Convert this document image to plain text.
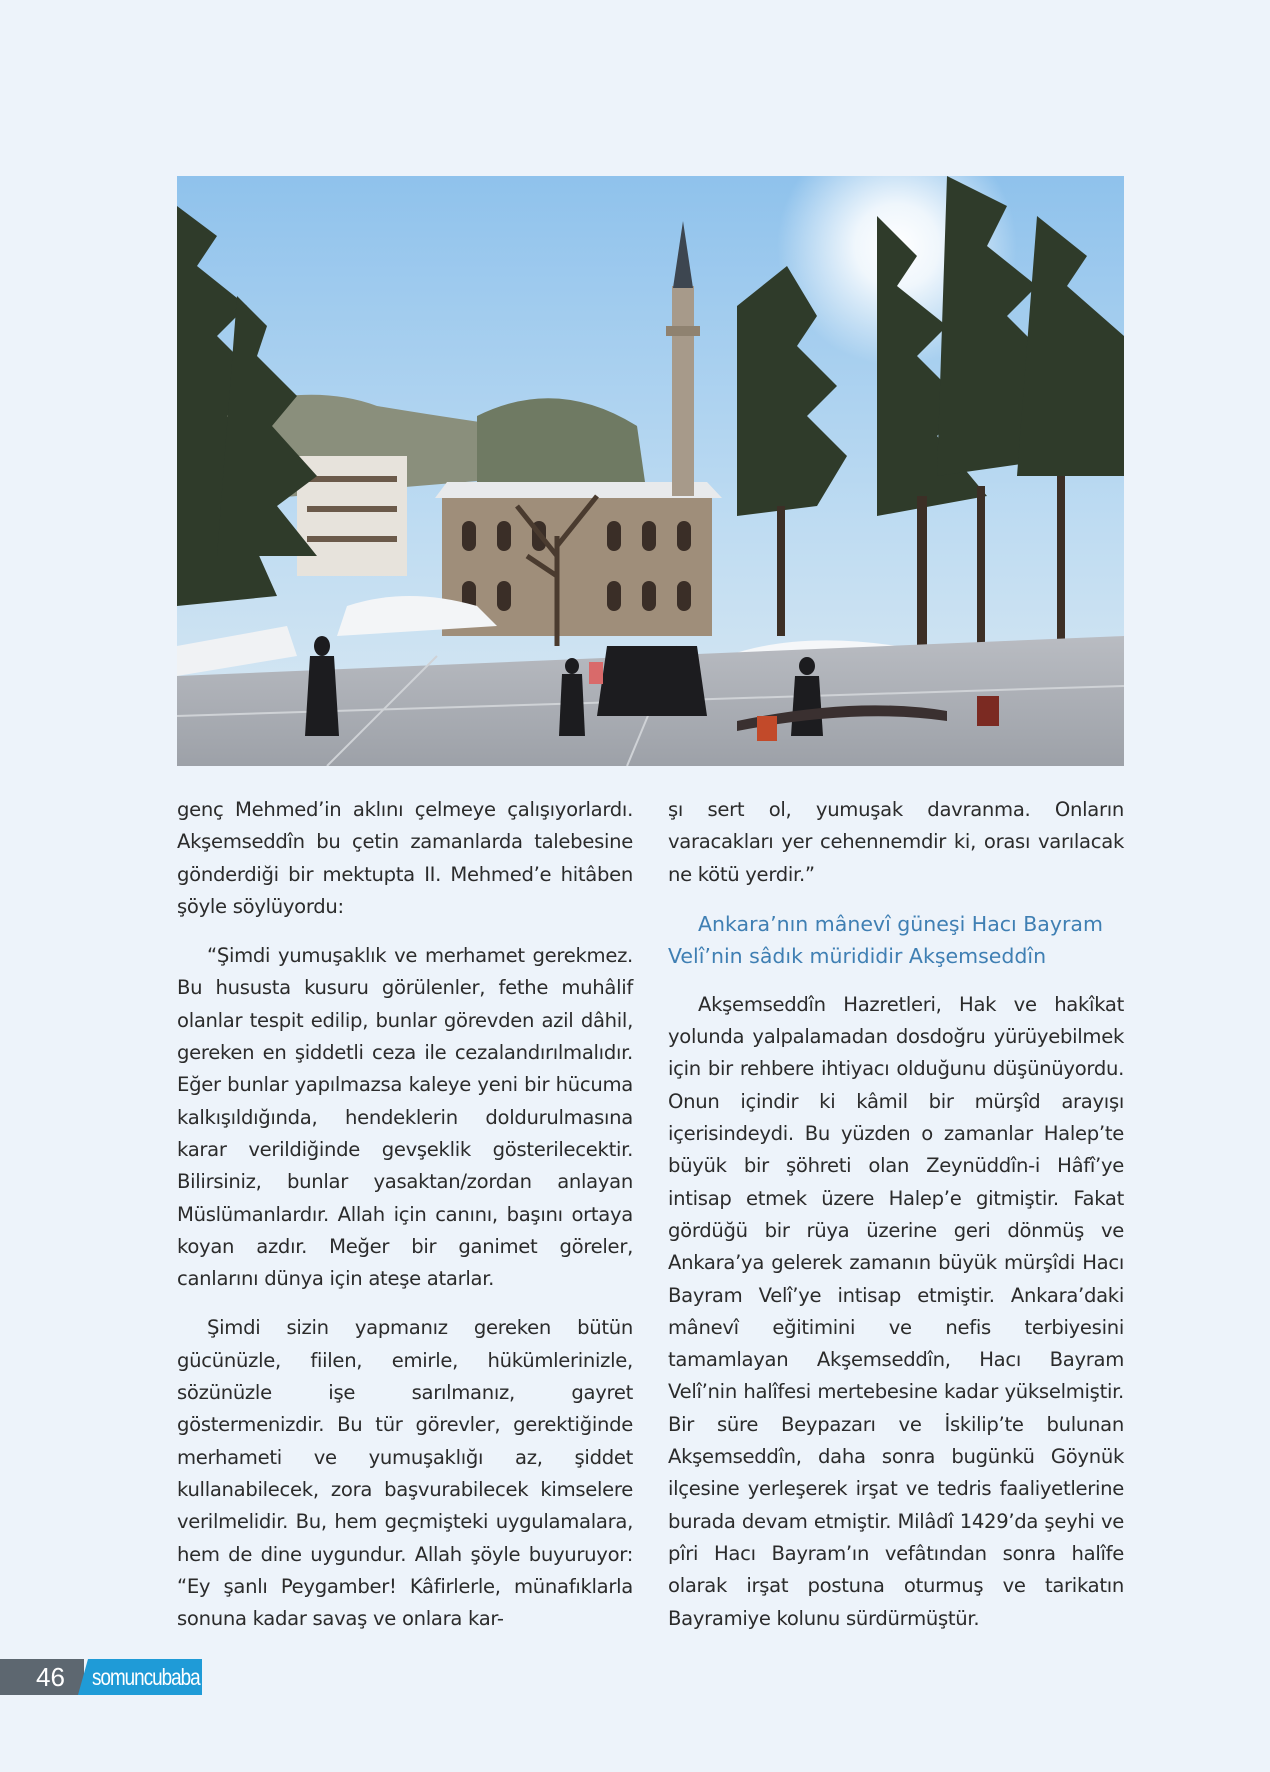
genç Mehmed’in aklını çelmeye çalışıyorlardı. Akşemseddîn bu çetin zamanlarda talebesine gönderdiği bir mektupta II. Mehmed’e hitâben şöyle söylüyordu:

“Şimdi yumuşaklık ve merhamet gerekmez. Bu hususta kusuru görülenler, fethe muhâlif olanlar tespit edilip, bunlar görevden azil dâhil, gereken en şiddetli ceza ile cezalandırılmalıdır. Eğer bunlar yapılmazsa kaleye yeni bir hücuma kalkışıldığında, hendeklerin doldurulmasına karar verildiğinde gevşeklik gösterilecektir. Bilirsiniz, bunlar yasaktan/zordan anlayan Müslümanlardır. Allah için canını, başını ortaya koyan azdır. Meğer bir ganimet göreler, canlarını dünya için ateşe atarlar.

Şimdi sizin yapmanız gereken bütün gücünüzle, fiilen, emirle, hükümlerinizle, sözünüzle işe sarılmanız, gayret göstermenizdir. Bu tür görevler, gerektiğinde merhameti ve yumuşaklığı az, şiddet kullanabilecek, zora başvurabilecek kimselere verilmelidir. Bu, hem geçmişteki uygulamalara, hem de dine uygundur. Allah şöyle buyuruyor: “Ey şanlı Peygamber! Kâfirlerle, münafıklarla sonuna kadar savaş ve onlara kar-

şı sert ol, yumuşak davranma. Onların varacakları yer cehennemdir ki, orası varılacak ne kötü yerdir.”

Ankara’nın mânevî güneşi Hacı Bayram Velî’nin sâdık mürididir Akşemseddîn

Akşemseddîn Hazretleri, Hak ve hakîkat yolunda yalpalamadan dosdoğru yürüyebilmek için bir rehbere ihtiyacı olduğunu düşünüyordu. Onun içindir ki kâmil bir mürşîd arayışı içerisindeydi. Bu yüzden o zamanlar Halep’te büyük bir şöhreti olan Zeynüddîn-i Hâfî’ye intisap etmek üzere Halep’e gitmiştir. Fakat gördüğü bir rüya üzerine geri dönmüş ve Ankara’ya gelerek zamanın büyük mürşîdi Hacı Bayram Velî’ye intisap etmiştir. Ankara’daki mânevî eğitimini ve nefis terbiyesini tamamlayan Akşemseddîn, Hacı Bayram Velî’nin halîfesi mertebesine kadar yükselmiştir. Bir süre Beypazarı ve İskilip’te bulunan Akşemseddîn, daha sonra bugünkü Göynük ilçesine yerleşerek irşat ve tedris faaliyetlerine burada devam etmiştir. Milâdî 1429’da şeyhi ve pîri Hacı Bayram’ın vefâtından sonra halîfe olarak irşat postuna oturmuş ve tarikatın Bayramiye kolunu sürdürmüştür.

46 somuncubaba
